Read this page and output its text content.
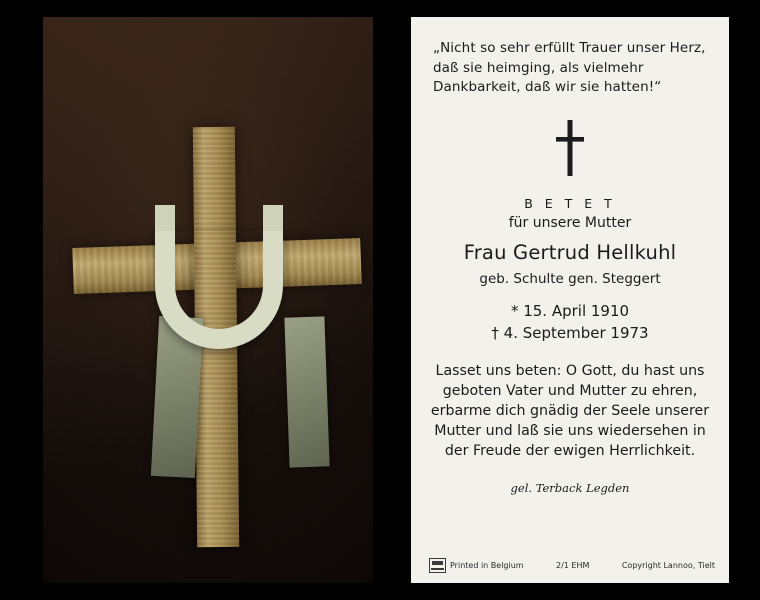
„Nicht so sehr erfüllt Trauer unser Herz, daß sie heimging, als vielmehr Dankbarkeit, daß wir sie hatten!“

B E T E T
für unsere Mutter
Frau Gertrud Hellkuhl
geb. Schulte gen. Steggert
* 15. April 1910
† 4. September 1973

Lasset uns beten: O Gott, du hast uns geboten Vater und Mutter zu ehren, erbarme dich gnädig der Seele unserer Mutter und laß sie uns wiedersehen in der Freude der ewigen Herrlichkeit.

gel. Terback Legden
Printed in Belgium	2/1 EHM	Copyright Lannoo, Tielt
